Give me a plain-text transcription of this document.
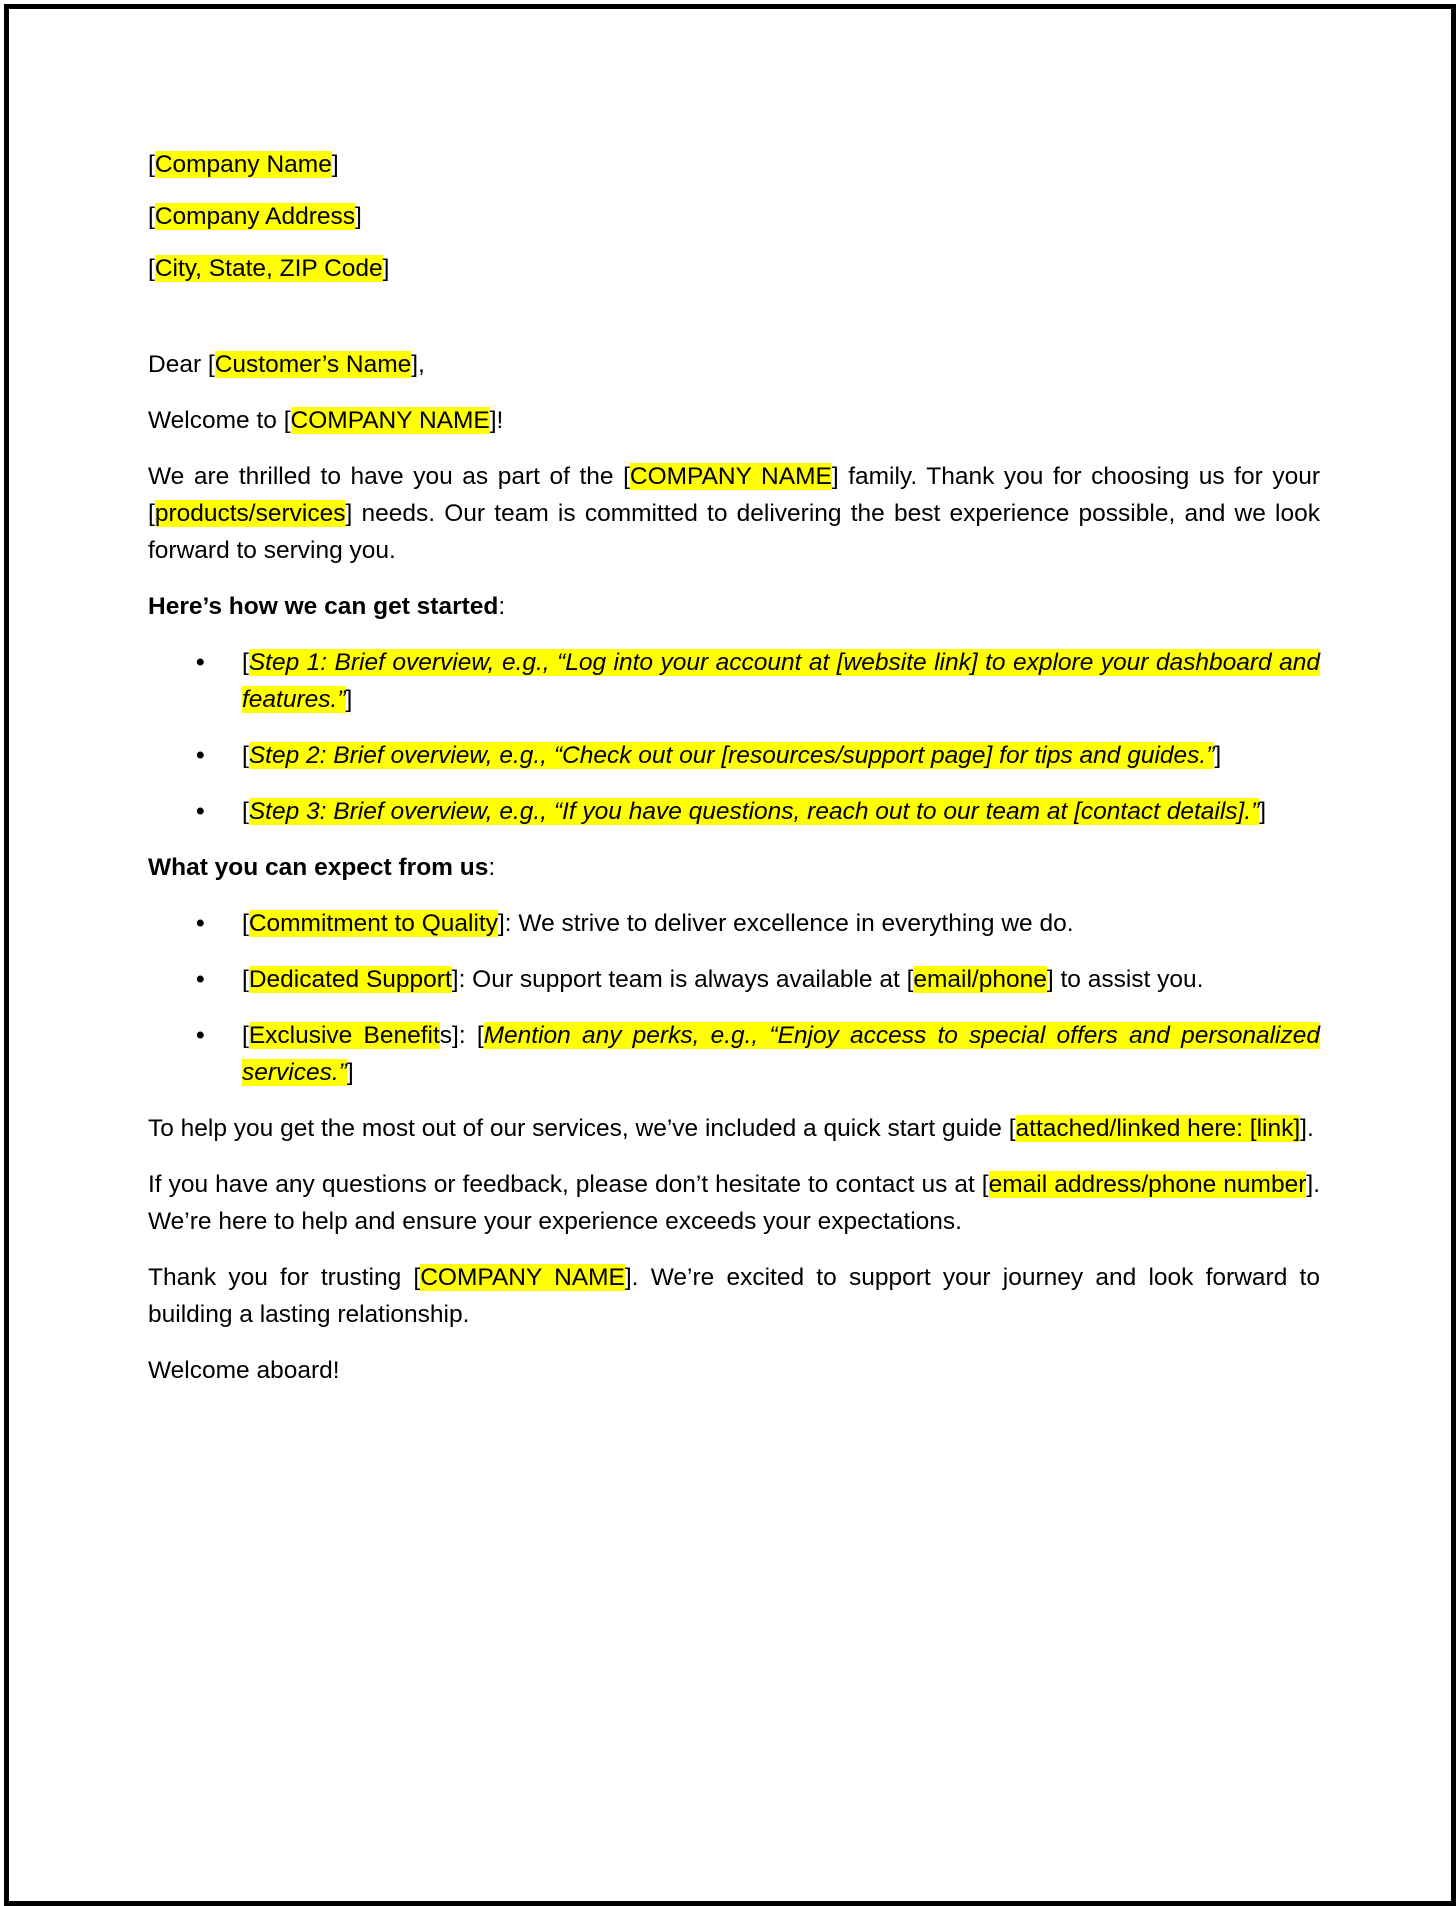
[Company Name]

[Company Address]

[City, State, ZIP Code]

Dear [Customer’s Name],

Welcome to [COMPANY NAME]!

We are thrilled to have you as part of the [COMPANY NAME] family. Thank you for choosing us for your [products/services] needs. Our team is committed to delivering the best experience possible, and we look forward to serving you.

Here’s how we can get started:

• [Step 1: Brief overview, e.g., “Log into your account at [website link] to explore your dashboard and features.”]
• [Step 2: Brief overview, e.g., “Check out our [resources/support page] for tips and guides.”]
• [Step 3: Brief overview, e.g., “If you have questions, reach out to our team at [contact details].”]

What you can expect from us:

• [Commitment to Quality]: We strive to deliver excellence in everything we do.
• [Dedicated Support]: Our support team is always available at [email/phone] to assist you.
• [Exclusive Benefits]: [Mention any perks, e.g., “Enjoy access to special offers and personalized services.”]

To help you get the most out of our services, we’ve included a quick start guide [attached/linked here: [link]].

If you have any questions or feedback, please don’t hesitate to contact us at [email address/phone number]. We’re here to help and ensure your experience exceeds your expectations.

Thank you for trusting [COMPANY NAME]. We’re excited to support your journey and look forward to building a lasting relationship.

Welcome aboard!
